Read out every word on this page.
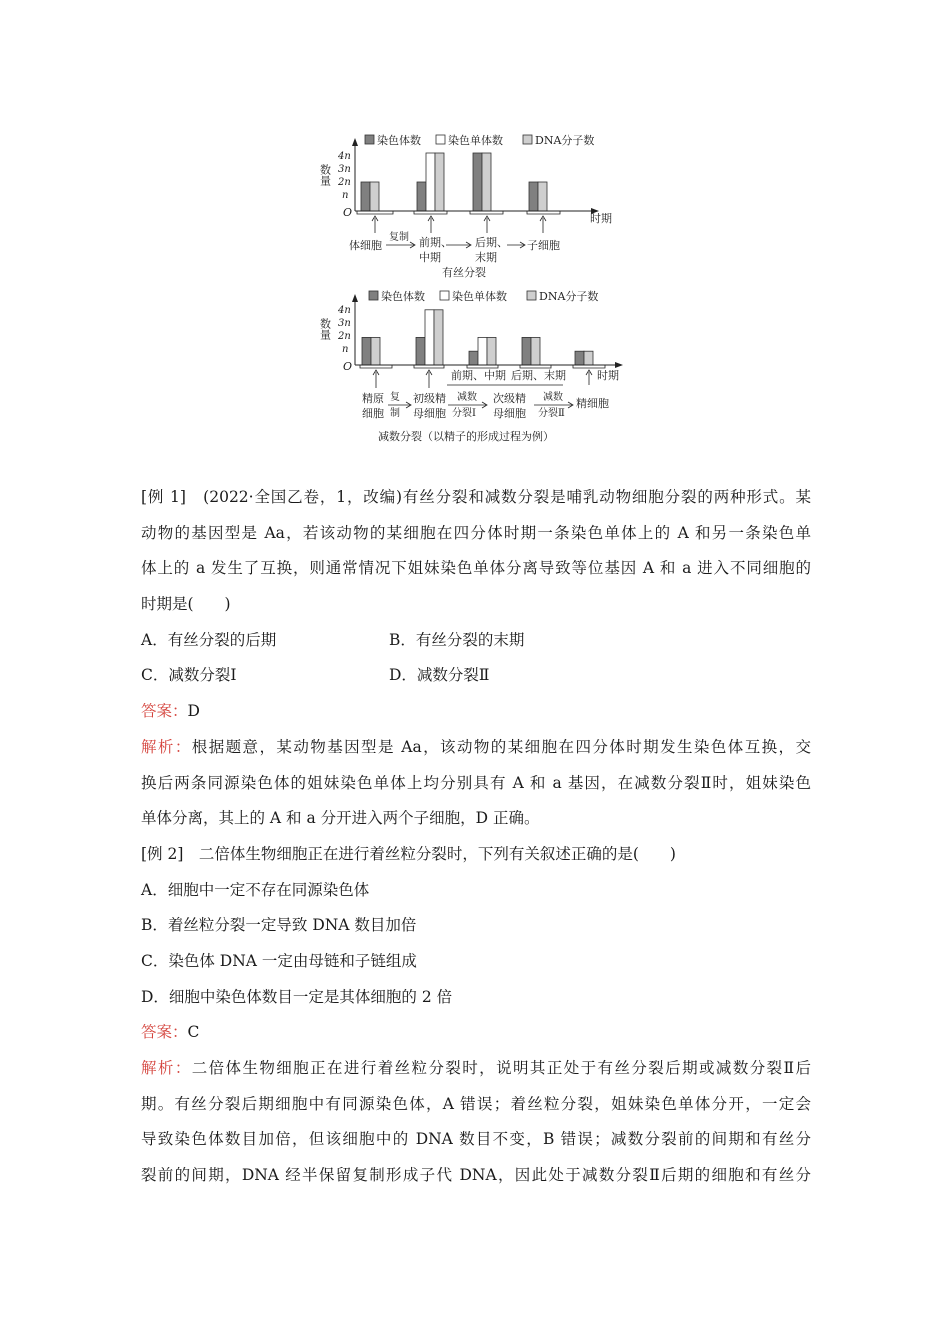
染色体数 染色单体数	DNA分子数
数量
4n
3n
2n
n
O	时期
体细胞
复制 前期、
中期
后期、
末期
子细胞
有丝分裂
染色体数 染色单体数	DNA分子数
数量
4n
3n
2n
n
O
时期
前期、中期 后期、末期
精原
细胞
初级精
母细胞
次级精
母细胞
精细胞
复
制
减数
分裂Ⅰ
减数
分裂Ⅱ
减数分裂（以精子的形成过程为例）
[例 1]　(2022·全国乙卷，1，改编)有丝分裂和减数分裂是哺乳动物细胞分裂的两种形式。某
动物的基因型是 Aa，若该动物的某细胞在四分体时期一条染色单体上的 A 和另一条染色单
体上的 a 发生了互换，则通常情况下姐妹染色单体分离导致等位基因 A 和 a 进入不同细胞的
时期是(　　)
A．有丝分裂的后期	B．有丝分裂的末期
C．减数分裂Ⅰ	D．减数分裂Ⅱ
答案：D
解析：根据题意，某动物基因型是 Aa，该动物的某细胞在四分体时期发生染色体互换，交
换后两条同源染色体的姐妹染色单体上均分别具有 A 和 a 基因，在减数分裂Ⅱ时，姐妹染色
单体分离，其上的 A 和 a 分开进入两个子细胞，D 正确。
[例 2]　二倍体生物细胞正在进行着丝粒分裂时，下列有关叙述正确的是(　　)
A．细胞中一定不存在同源染色体
B．着丝粒分裂一定导致 DNA 数目加倍
C．染色体 DNA 一定由母链和子链组成
D．细胞中染色体数目一定是其体细胞的 2 倍
答案：C
解析：二倍体生物细胞正在进行着丝粒分裂时，说明其正处于有丝分裂后期或减数分裂Ⅱ后
期。有丝分裂后期细胞中有同源染色体，A 错误；着丝粒分裂，姐妹染色单体分开，一定会
导致染色体数目加倍，但该细胞中的 DNA 数目不变，B 错误；减数分裂前的间期和有丝分
裂前的间期，DNA 经半保留复制形成子代 DNA，因此处于减数分裂Ⅱ后期的细胞和有丝分
